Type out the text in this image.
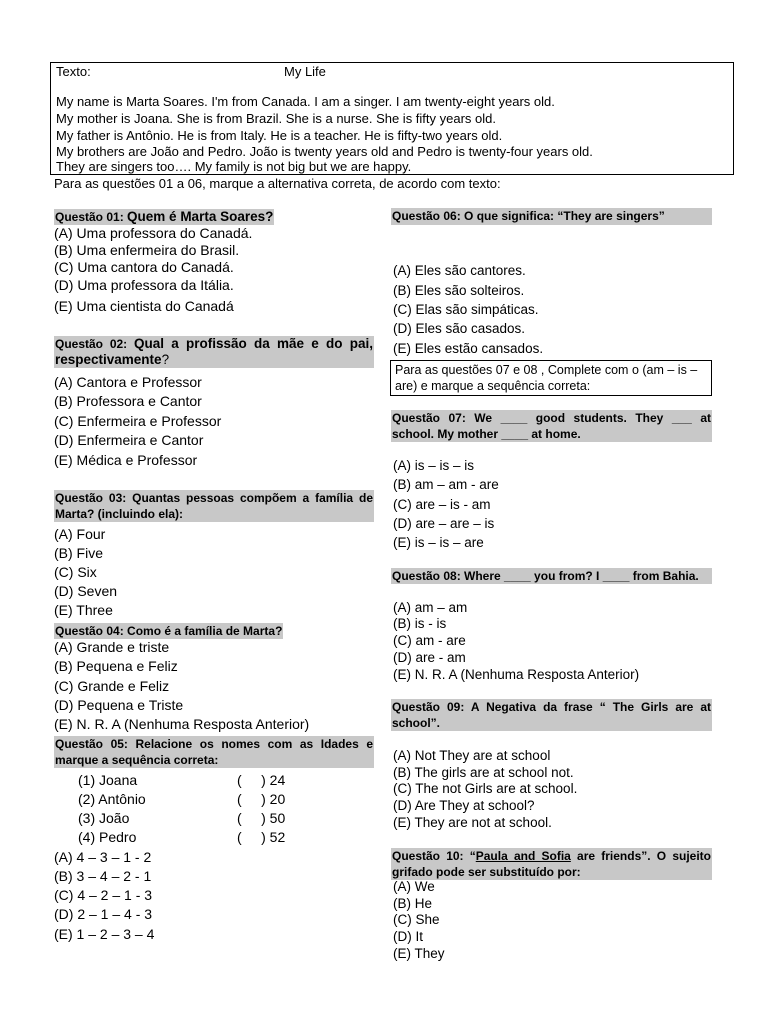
Texto:	My Life
My name is Marta Soares. I'm from Canada. I am a singer. I am twenty-eight years old.
My mother is Joana. She is from Brazil. She is a nurse. She is fifty years old.
My father is Antônio. He is from Italy. He is a teacher. He is fifty-two years old.
My brothers are João and Pedro. João is twenty years old and Pedro is twenty-four years old.
They are singers too…. My family is not big but we are happy.
Para as questões 01 a 06, marque a alternativa correta, de acordo com texto:
Questão 01: Quem é Marta Soares?
(A) Uma professora do Canadá.
(B) Uma enfermeira do Brasil.
(C) Uma cantora do Canadá.
(D) Uma professora da Itália.
(E) Uma cientista do Canadá
Questão 02: Qual a profissão da mãe e do pai, respectivamente?
(A) Cantora e Professor
(B) Professora e Cantor
(C) Enfermeira e Professor
(D) Enfermeira e Cantor
(E) Médica e Professor
Questão 03: Quantas pessoas compõem a família de Marta? (incluindo ela):
(A) Four
(B) Five
(C) Six
(D) Seven
(E) Three
Questão 04: Como é a família de Marta?
(A) Grande e triste
(B) Pequena e Feliz
(C) Grande e Feliz
(D) Pequena e Triste
(E) N. R. A (Nenhuma Resposta Anterior)
Questão 05: Relacione os nomes com as Idades e marque a sequência correta:
(1) Joana
(2) Antônio
(3) João
(4) Pedro
(     ) 24
(     ) 20
(     ) 50
(     ) 52
(A) 4 – 3 – 1 - 2
(B) 3 – 4 – 2 - 1
(C) 4 – 2 – 1 - 3
(D) 2 – 1 – 4 - 3
(E) 1 – 2 – 3 – 4
Questão 06: O que significa: “They are singers”
(A) Eles são cantores.
(B) Eles são solteiros.
(C) Elas são simpáticas.
(D) Eles são casados.
(E) Eles estão cansados.
Para as questões 07 e 08 , Complete com o (am – is – are) e marque a sequência correta:
Questão 07: We ____ good students. They ___ at school. My mother ____ at home.
(A) is – is – is
(B) am – am - are
(C) are – is - am
(D) are – are – is
(E) is – is – are
Questão 08: Where ____ you from? I ____ from Bahia.
(A) am – am
(B) is - is
(C) am - are
(D) are - am
(E) N. R. A (Nenhuma Resposta Anterior)
Questão 09: A Negativa da frase “ The Girls are at school”.
(A) Not They are at school
(B) The girls are at school not.
(C) The not Girls are at school.
(D) Are They at school?
(E) They are not at school.
Questão 10: “Paula and Sofia are friends”. O sujeito grifado pode ser substituído por:
(A) We
(B) He
(C) She
(D) It
(E) They
